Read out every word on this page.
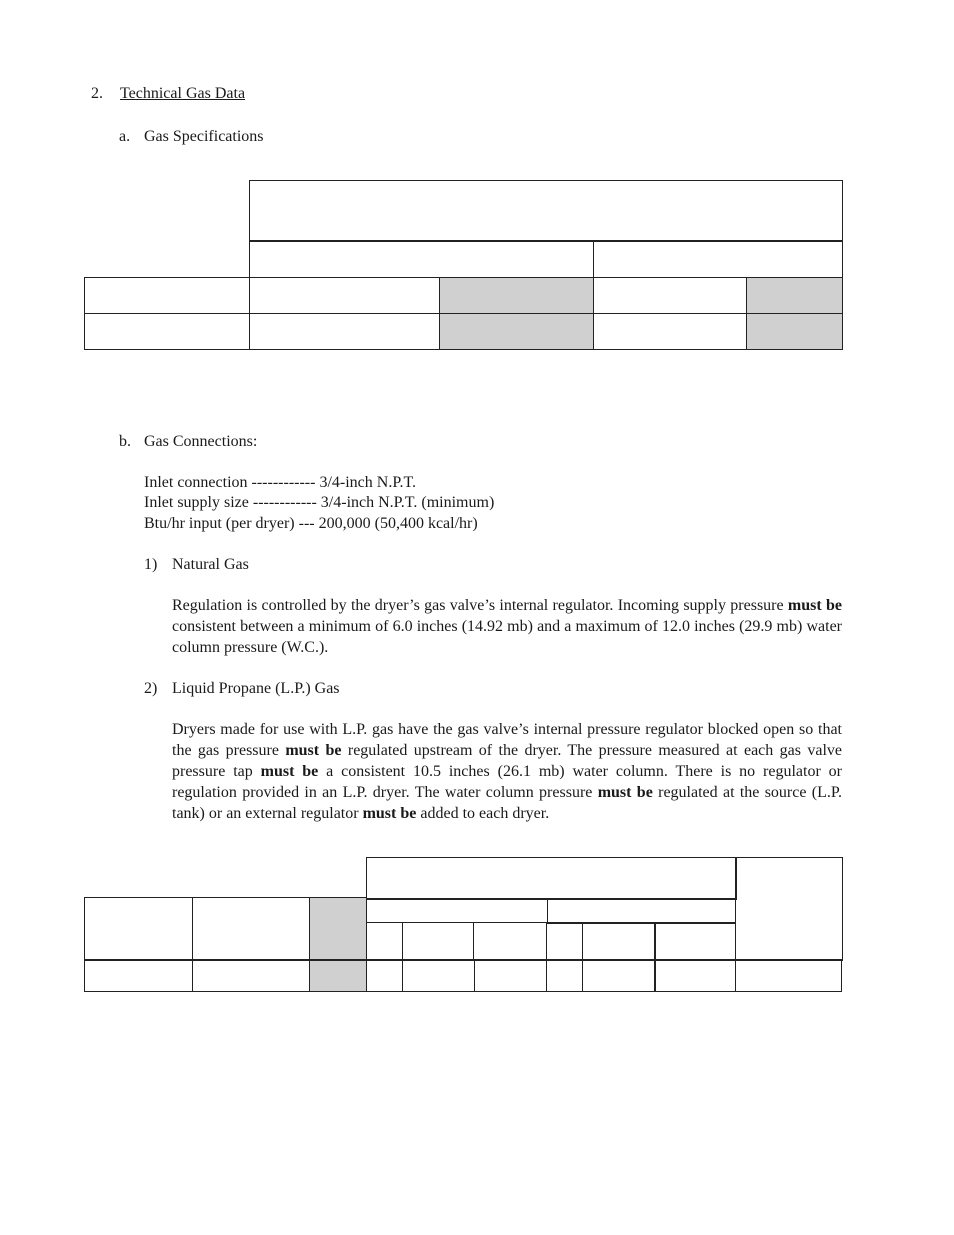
2. Technical Gas Data
a. Gas Specifications

b. Gas Connections:
Inlet connection ------------ 3/4-inch N.P.T.
Inlet supply size ------------ 3/4-inch N.P.T. (minimum)
Btu/hr input (per dryer) --- 200,000 (50,400 kcal/hr)
1) Natural Gas
Regulation is controlled by the dryer’s gas valve’s internal regulator. Incoming supply pressure must be consistent between a minimum of 6.0 inches (14.92 mb) and a maximum of 12.0 inches (29.9 mb) water column pressure (W.C.).
2) Liquid Propane (L.P.) Gas
Dryers made for use with L.P. gas have the gas valve’s internal pressure regulator blocked open so that the gas pressure must be regulated upstream of the dryer. The pressure measured at each gas valve pressure tap must be a consistent 10.5 inches (26.1 mb) water column. There is no regulator or regulation provided in an L.P. dryer. The water column pressure must be regulated at the source (L.P. tank) or an external regulator must be added to each dryer.
